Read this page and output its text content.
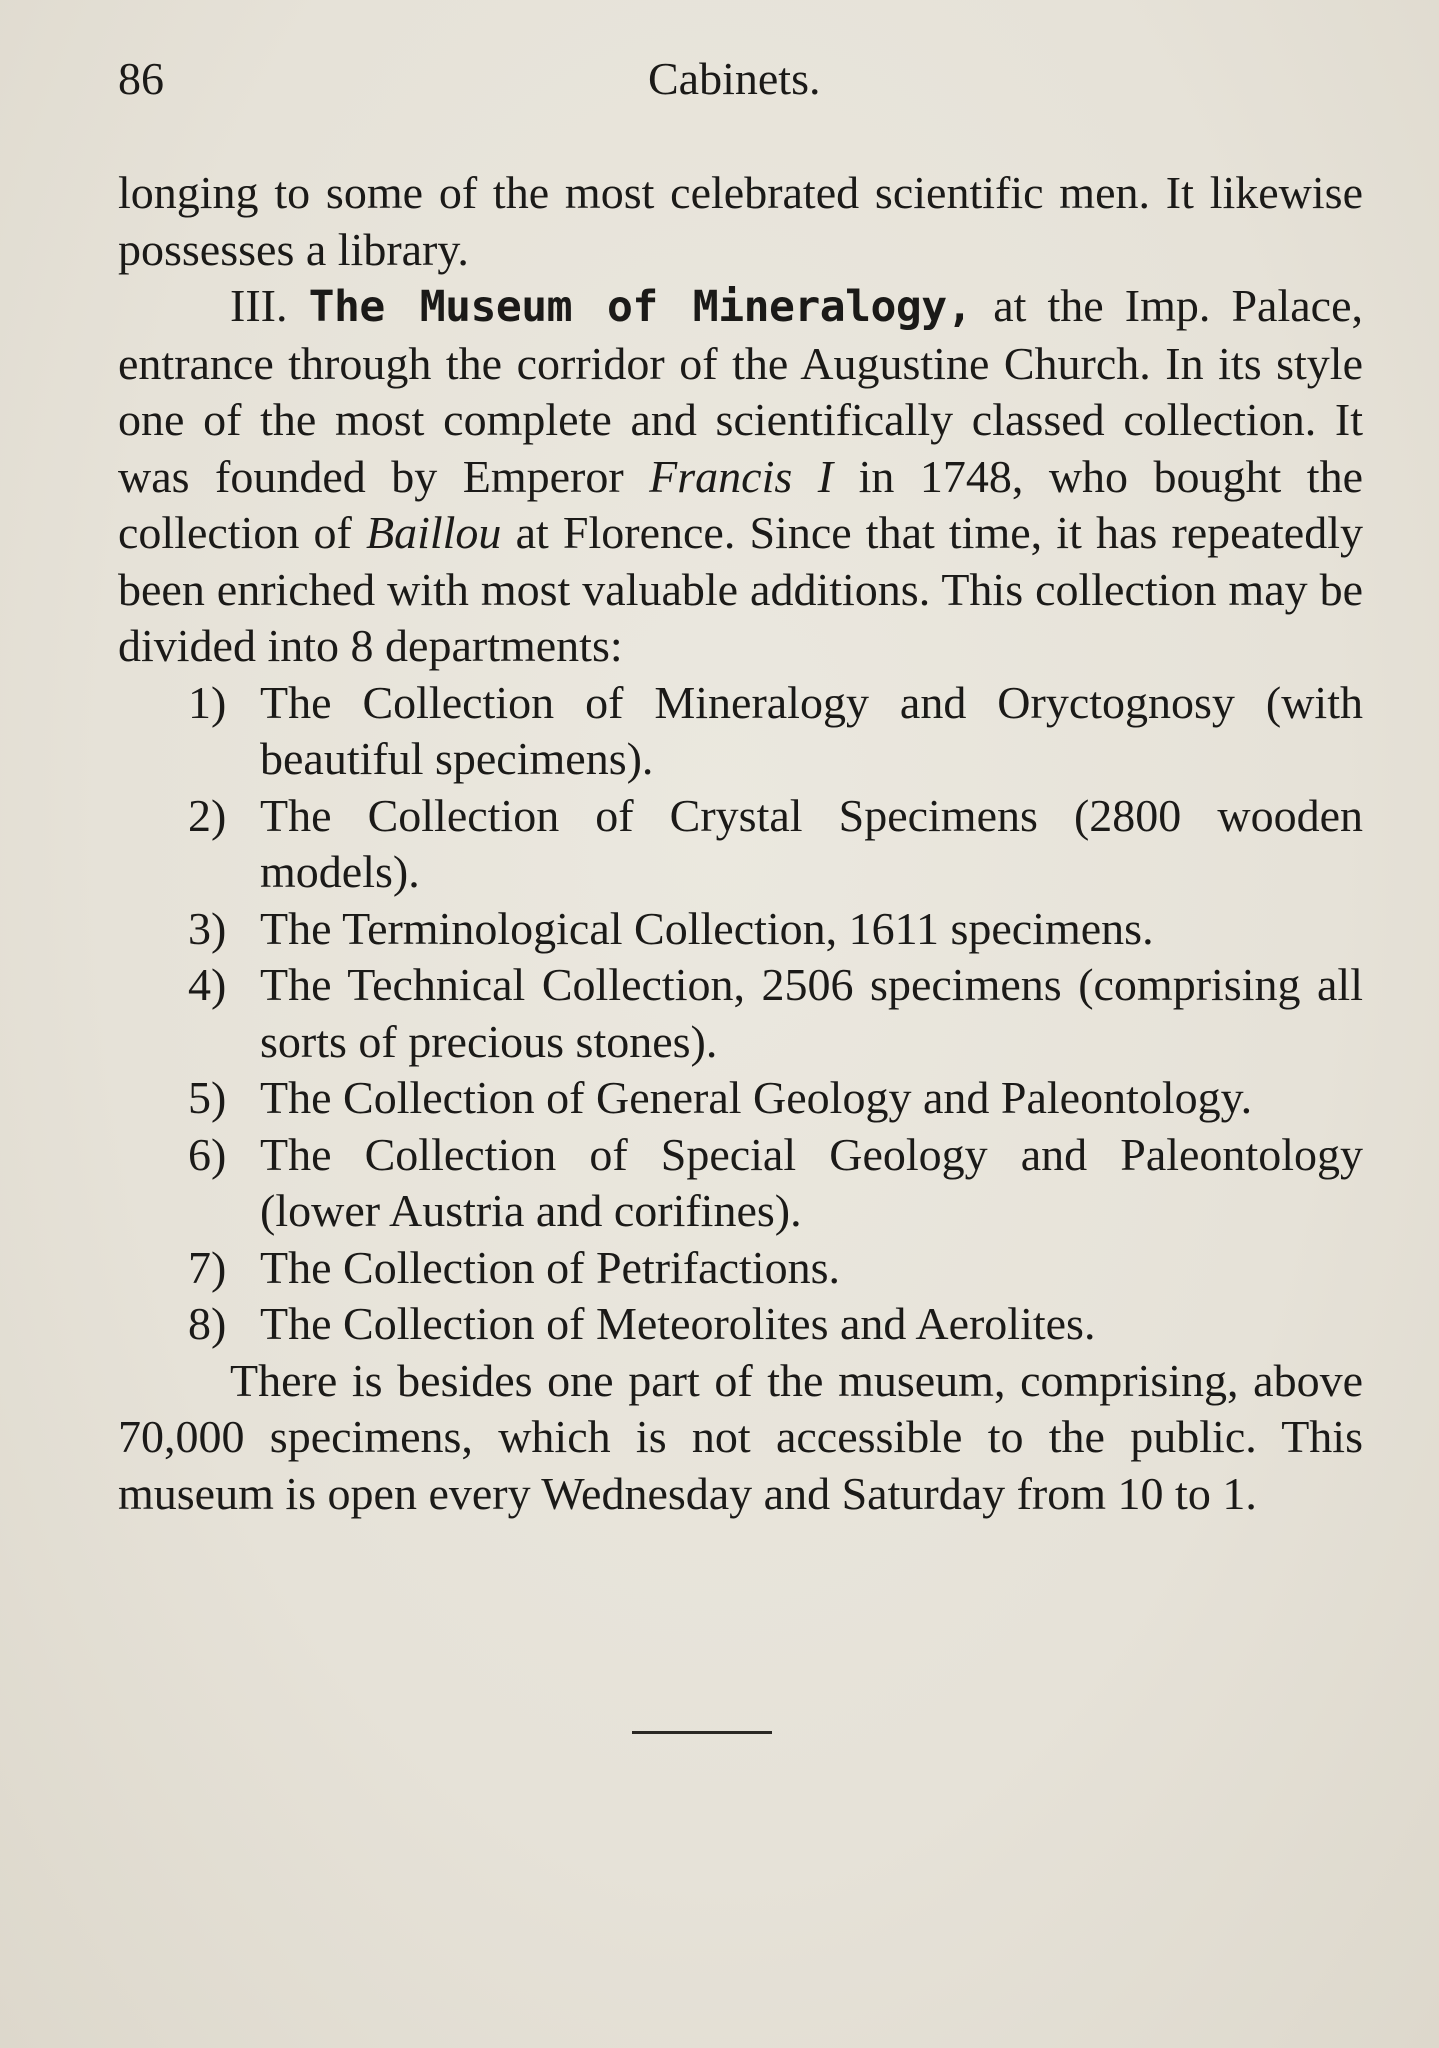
86	Cabinets.

longing to some of the most celebrated scientific men. It likewise possesses a library.

III. The Museum of Mineralogy, at the Imp. Palace, entrance through the corridor of the Augustine Church. In its style one of the most complete and scientifically classed collection. It was founded by Emperor Francis I in 1748, who bought the collection of Baillou at Florence. Since that time, it has repeatedly been enriched with most valuable additions. This collection may be divided into 8 departments:

1) The Collection of Mineralogy and Oryctognosy (with beautiful specimens).
2) The Collection of Crystal Specimens (2800 wooden models).
3) The Terminological Collection, 1611 specimens.
4) The Technical Collection, 2506 specimens (comprising all sorts of precious stones).
5) The Collection of General Geology and Paleontology.
6) The Collection of Special Geology and Paleontology (lower Austria and corifines).
7) The Collection of Petrifactions.
8) The Collection of Meteorolites and Aerolites.

There is besides one part of the museum, comprising, above 70,000 specimens, which is not accessible to the public. This museum is open every Wednesday and Saturday from 10 to 1.
